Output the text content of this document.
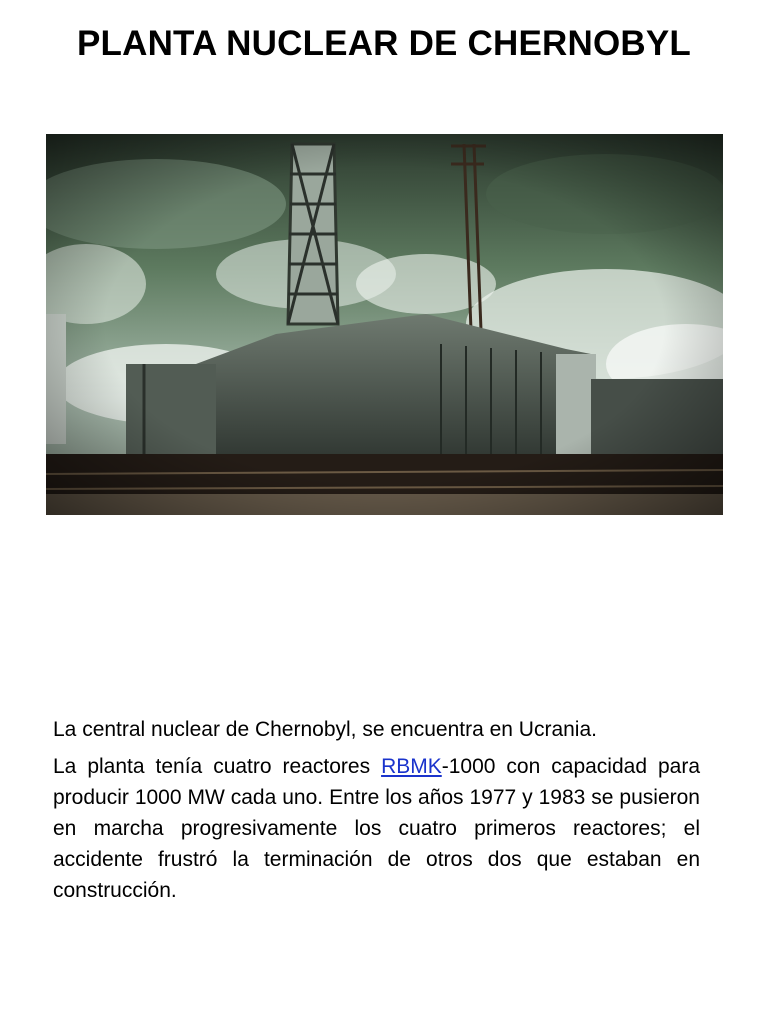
PLANTA NUCLEAR DE CHERNOBYL

La central nuclear de Chernobyl, se encuentra en Ucrania.

La planta tenía cuatro reactores RBMK-1000 con capacidad para producir 1000 MW cada uno. Entre los años 1977 y 1983 se pusieron en marcha progresivamente los cuatro primeros reactores; el accidente frustró la terminación de otros dos que estaban en construcción.
